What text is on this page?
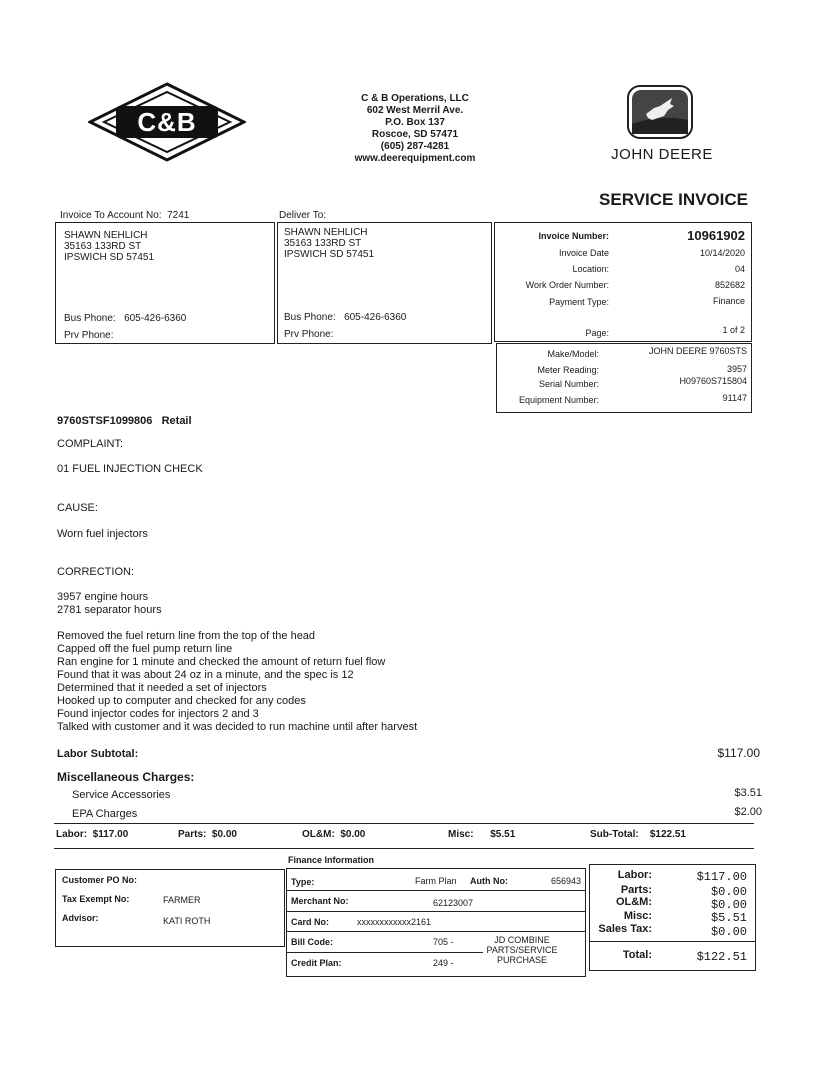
C&B
C & B Operations, LLC
602 West Merril Ave.
P.O. Box 137
Roscoe, SD 57471
(605) 287-4281
www.deerequipment.com	JOHN DEERE
SERVICE INVOICE
Invoice To Account No: 7241	Deliver To:
SHAWN NEHLICH
35163 133RD ST
IPSWICH SD 57451
Bus Phone: 605-426-6360
Prv Phone:
SHAWN NEHLICH
35163 133RD ST
IPSWICH SD 57451
Bus Phone: 605-426-6360
Prv Phone:
Invoice Number:	10961902
Invoice Date	10/14/2020
Location:	04
Work Order Number:	852682
Payment Type:	Finance
Page:	1 of 2
Make/Model:	JOHN DEERE 9760STS
Meter Reading:	3957
Serial Number:	H09760S715804
Equipment Number:	91147
9760STSF1099806 Retail
COMPLAINT:
01 FUEL INJECTION CHECK
CAUSE:
Worn fuel injectors
CORRECTION:
3957 engine hours
2781 separator hours
Removed the fuel return line from the top of the head
Capped off the fuel pump return line
Ran engine for 1 minute and checked the amount of return fuel flow
Found that it was about 24 oz in a minute, and the spec is 12
Determined that it needed a set of injectors
Hooked up to computer and checked for any codes
Found injector codes for injectors 2 and 3
Talked with customer and it was decided to run machine until after harvest
Labor Subtotal:	$117.00
Miscellaneous Charges:
Service Accessories	$3.51
EPA Charges	$2.00
Labor: $117.00	Parts: $0.00	OL&M: $0.00	Misc: $5.51	Sub-Total: $122.51
Finance Information
Customer PO No:
Tax Exempt No:	FARMER
Advisor:	KATI ROTH
Type:	Farm Plan Auth No:	656943
Merchant No:	62123007
Card No:	xxxxxxxxxxxx2161
Bill Code:	705 -	JD COMBINE
PARTS/SERVICE
PURCHASE
Credit Plan:	249 -
Labor:	$117.00
Parts:	$0.00
OL&M:	$0.00
Misc:	$5.51
Sales Tax:	$0.00
Total:	$122.51
